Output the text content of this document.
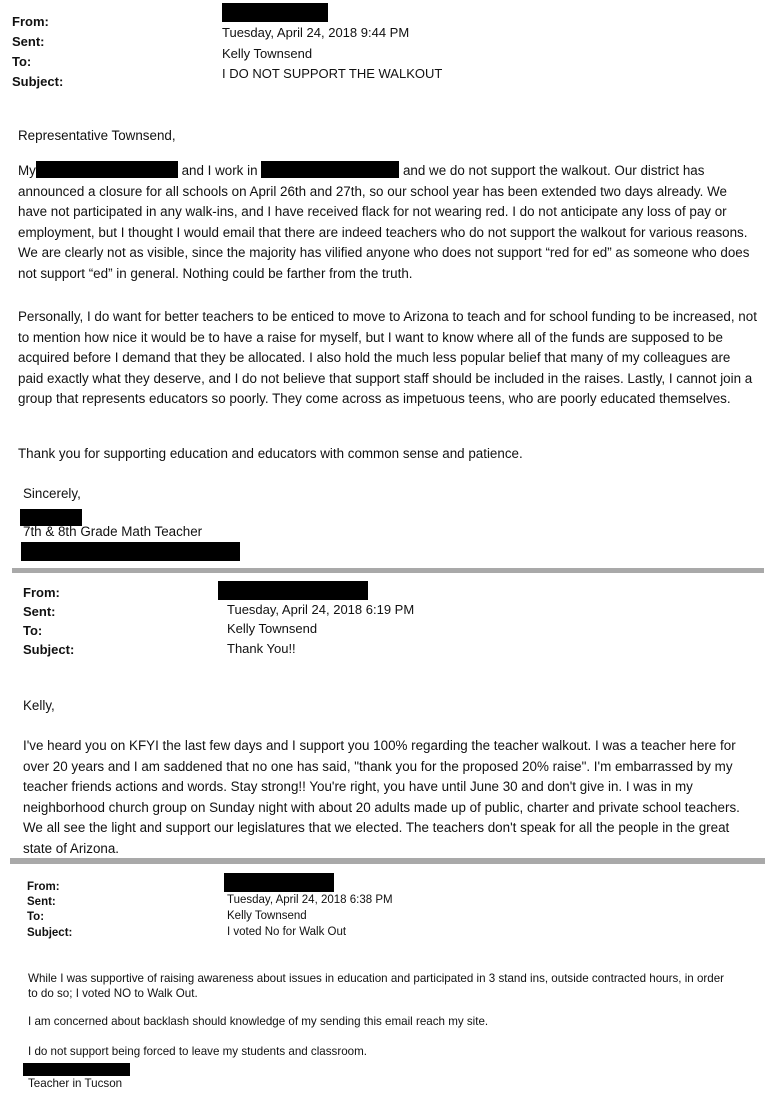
From:
Sent:
To:
Subject:
Tuesday, April 24, 2018 9:44 PM
Kelly Townsend
I DO NOT SUPPORT THE WALKOUT

Representative Townsend,

My	and I work in	and we do not support the walkout. Our district has announced a closure for all schools on April 26th and 27th, so our school year has been extended two days already. We have not participated in any walk-ins, and I have received flack for not wearing red. I do not anticipate any loss of pay or employment, but I thought I would email that there are indeed teachers who do not support the walkout for various reasons. We are clearly not as visible, since the majority has vilified anyone who does not support “red for ed” as someone who does not support “ed” in general. Nothing could be farther from the truth.

Personally, I do want for better teachers to be enticed to move to Arizona to teach and for school funding to be increased, not to mention how nice it would be to have a raise for myself, but I want to know where all of the funds are supposed to be acquired before I demand that they be allocated. I also hold the much less popular belief that many of my colleagues are paid exactly what they deserve, and I do not believe that support staff should be included in the raises. Lastly, I cannot join a group that represents educators so poorly. They come across as impetuous teens, who are poorly educated themselves.

Thank you for supporting education and educators with common sense and patience.

Sincerely,

7th & 8th Grade Math Teacher

From:
Sent:
To:
Subject:
Tuesday, April 24, 2018 6:19 PM
Kelly Townsend
Thank You!!

Kelly,

I've heard you on KFYI the last few days and I support you 100% regarding the teacher walkout. I was a teacher here for over 20 years and I am saddened that no one has said, "thank you for the proposed 20% raise". I'm embarrassed by my teacher friends actions and words. Stay strong!! You're right, you have until June 30 and don't give in. I was in my neighborhood church group on Sunday night with about 20 adults made up of public, charter and private school teachers. We all see the light and support our legislatures that we elected. The teachers don't speak for all the people in the great state of Arizona.

From:
Sent:
To:
Subject:
Tuesday, April 24, 2018 6:38 PM
Kelly Townsend
I voted No for Walk Out

While I was supportive of raising awareness about issues in education and participated in 3 stand ins, outside contracted hours, in order to do so; I voted NO to Walk Out.

I am concerned about backlash should knowledge of my sending this email reach my site.

I do not support being forced to leave my students and classroom.

Teacher in Tucson
